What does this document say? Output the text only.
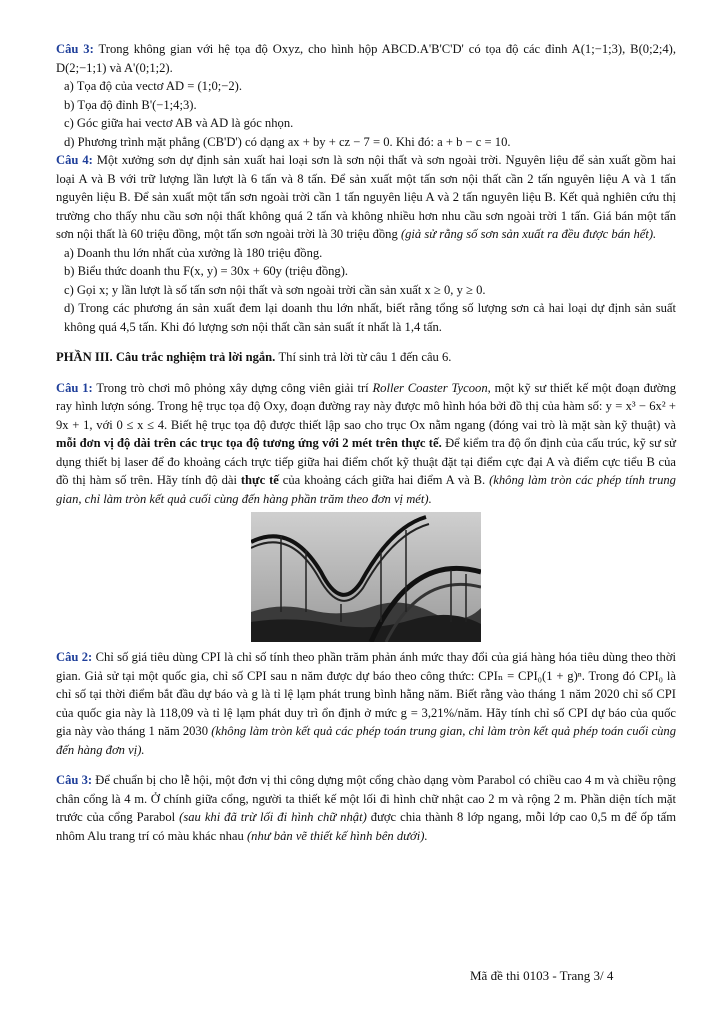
Câu 3: Trong không gian với hệ tọa độ Oxyz, cho hình hộp ABCD.A'B'C'D' có tọa độ các đỉnh A(1;−1;3), B(0;2;4), D(2;−1;1) và A'(0;1;2).

a) Tọa độ của vectơ AD = (1;0;−2).

b) Tọa độ đỉnh B'(−1;4;3).

c) Góc giữa hai vectơ AB và AD là góc nhọn.

d) Phương trình mặt phẳng (CB'D') có dạng ax + by + cz − 7 = 0. Khi đó: a + b − c = 10.

Câu 4: Một xưởng sơn dự định sản xuất hai loại sơn là sơn nội thất và sơn ngoài trời. Nguyên liệu để sản xuất gồm hai loại A và B với trữ lượng lần lượt là 6 tấn và 8 tấn. Để sản xuất một tấn sơn nội thất cần 2 tấn nguyên liệu A và 1 tấn nguyên liệu B. Để sản xuất một tấn sơn ngoài trời cần 1 tấn nguyên liệu A và 2 tấn nguyên liệu B. Kết quả nghiên cứu thị trường cho thấy nhu cầu sơn nội thất không quá 2 tấn và không nhiều hơn nhu cầu sơn ngoài trời 1 tấn. Giá bán một tấn sơn nội thất là 60 triệu đồng, một tấn sơn ngoài trời là 30 triệu đồng (giả sử rằng số sơn sản xuất ra đều được bán hết).

a) Doanh thu lớn nhất của xưởng là 180 triệu đồng.

b) Biểu thức doanh thu F(x, y) = 30x + 60y (triệu đồng).

c) Gọi x; y lần lượt là số tấn sơn nội thất và sơn ngoài trời cần sản xuất x ≥ 0, y ≥ 0.

d) Trong các phương án sản xuất đem lại doanh thu lớn nhất, biết rằng tổng số lượng sơn cả hai loại dự định sản suất không quá 4,5 tấn. Khi đó lượng sơn nội thất cần sản suất ít nhất là 1,4 tấn.

PHẦN III. Câu trắc nghiệm trả lời ngắn. Thí sinh trả lời từ câu 1 đến câu 6.

Câu 1: Trong trò chơi mô phỏng xây dựng công viên giải trí Roller Coaster Tycoon, một kỹ sư thiết kế một đoạn đường ray hình lượn sóng. Trong hệ trục tọa độ Oxy, đoạn đường ray này được mô hình hóa bởi đồ thị của hàm số: y = x³ − 6x² + 9x + 1, với 0 ≤ x ≤ 4. Biết hệ trục tọa độ được thiết lập sao cho trục Ox nằm ngang (đóng vai trò là mặt sàn kỹ thuật) và mỗi đơn vị độ dài trên các trục tọa độ tương ứng với 2 mét trên thực tế. Để kiểm tra độ ổn định của cấu trúc, kỹ sư sử dụng thiết bị laser để đo khoảng cách trực tiếp giữa hai điểm chốt kỹ thuật đặt tại điểm cực đại A và điểm cực tiểu B của đồ thị hàm số trên. Hãy tính độ dài thực tế của khoảng cách giữa hai điểm A và B. (không làm tròn các phép tính trung gian, chỉ làm tròn kết quả cuối cùng đến hàng phần trăm theo đơn vị mét).

Câu 2: Chỉ số giá tiêu dùng CPI là chỉ số tính theo phần trăm phản ánh mức thay đổi của giá hàng hóa tiêu dùng theo thời gian. Giả sử tại một quốc gia, chỉ số CPI sau n năm được dự báo theo công thức: CPIₙ = CPI₀(1 + g)ⁿ. Trong đó CPI₀ là chỉ số tại thời điểm bắt đầu dự báo và g là tỉ lệ lạm phát trung bình hằng năm. Biết rằng vào tháng 1 năm 2020 chỉ số CPI của quốc gia này là 118,09 và tỉ lệ lạm phát duy trì ổn định ở mức g = 3,21%/năm. Hãy tính chỉ số CPI dự báo của quốc gia này vào tháng 1 năm 2030 (không làm tròn kết quả các phép toán trung gian, chỉ làm tròn kết quả phép toán cuối cùng đến hàng đơn vị).

Câu 3: Để chuẩn bị cho lễ hội, một đơn vị thi công dựng một cổng chào dạng vòm Parabol có chiều cao 4 m và chiều rộng chân cổng là 4 m. Ở chính giữa cổng, người ta thiết kế một lối đi hình chữ nhật cao 2 m và rộng 2 m. Phần diện tích mặt trước của cổng Parabol (sau khi đã trừ lối đi hình chữ nhật) được chia thành 8 lớp ngang, mỗi lớp cao 0,5 m để ốp tấm nhôm Alu trang trí có màu khác nhau (như bản vẽ thiết kế hình bên dưới).

Mã đề thi 0103 - Trang 3/ 4
